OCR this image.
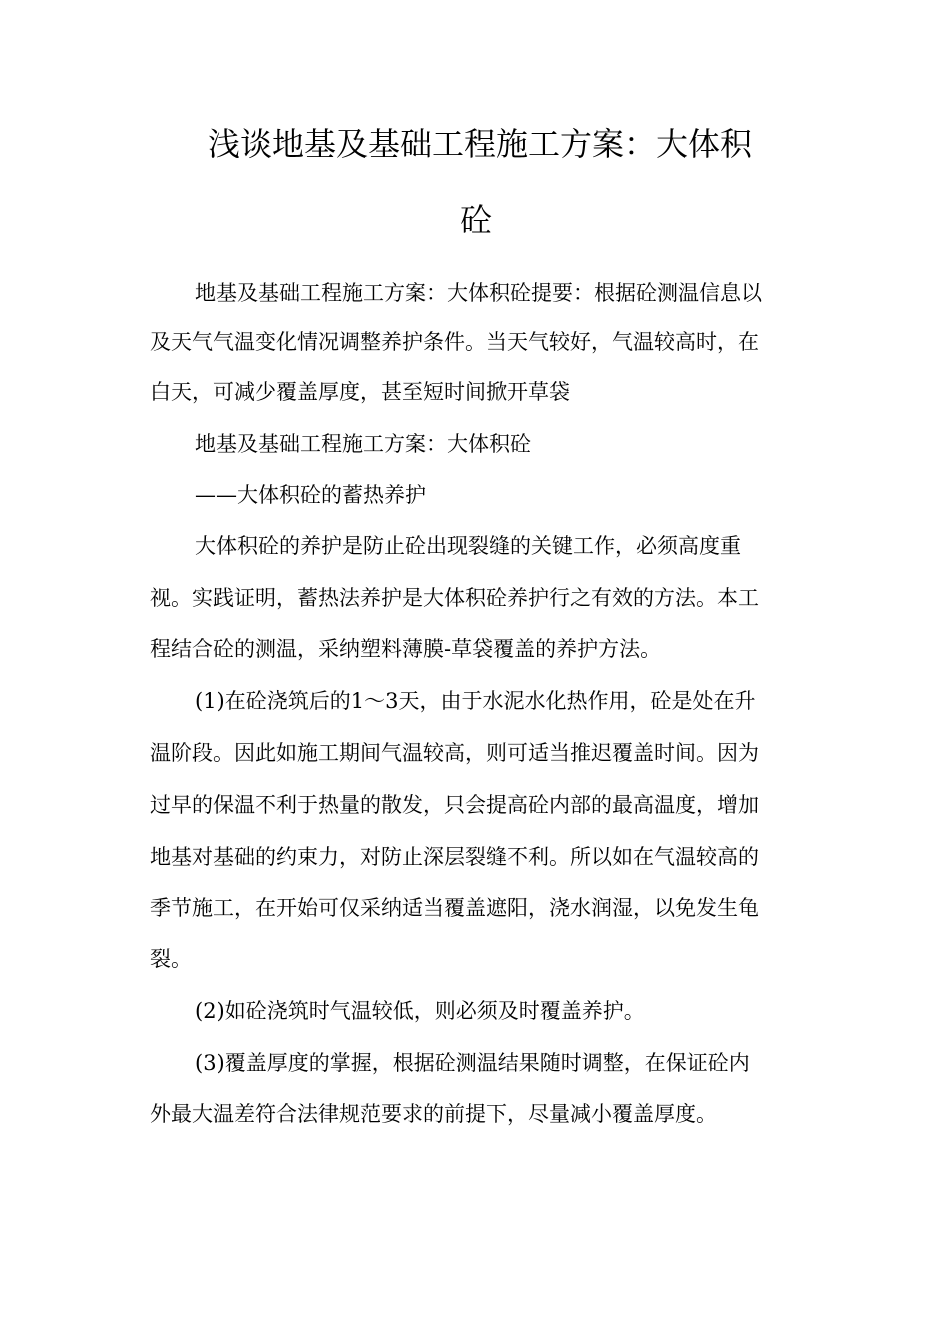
浅谈地基及基础工程施工方案：大体积
砼
地基及基础工程施工方案：大体积砼提要：根据砼测温信息以
及天气气温变化情况调整养护条件。当天气较好，气温较高时，在
白天，可减少覆盖厚度，甚至短时间掀开草袋
地基及基础工程施工方案：大体积砼
——大体积砼的蓄热养护
大体积砼的养护是防止砼出现裂缝的关键工作，必须高度重
视。实践证明，蓄热法养护是大体积砼养护行之有效的方法。本工
程结合砼的测温，采纳塑料薄膜-草袋覆盖的养护方法。
(1)在砼浇筑后的1～3天，由于水泥水化热作用，砼是处在升
温阶段。因此如施工期间气温较高，则可适当推迟覆盖时间。因为
过早的保温不利于热量的散发，只会提高砼内部的最高温度，增加
地基对基础的约束力，对防止深层裂缝不利。所以如在气温较高的
季节施工，在开始可仅采纳适当覆盖遮阳，浇水润湿，以免发生龟
裂。
(2)如砼浇筑时气温较低，则必须及时覆盖养护。
(3)覆盖厚度的掌握，根据砼测温结果随时调整，在保证砼内
外最大温差符合法律规范要求的前提下，尽量减小覆盖厚度。
